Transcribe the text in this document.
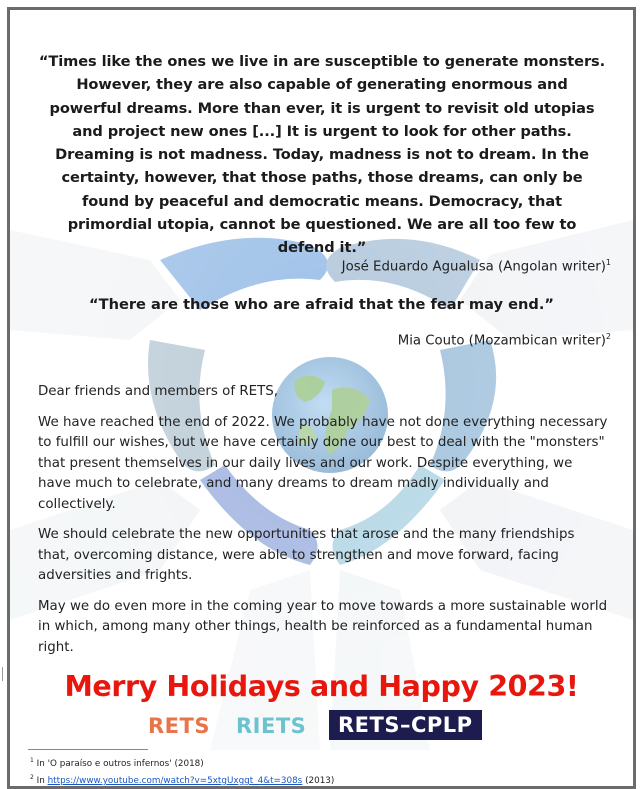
“Times like the ones we live in are susceptible to generate monsters. However, they are also capable of generating enormous and powerful dreams. More than ever, it is urgent to revisit old utopias and project new ones [...] It is urgent to look for other paths. Dreaming is not madness. Today, madness is not to dream. In the certainty, however, that those paths, those dreams, can only be found by peaceful and democratic means. Democracy, that primordial utopia, cannot be questioned. We are all too few to defend it.”
José Eduardo Agualusa (Angolan writer)$^1$
“There are those who are afraid that the fear may end.”
Mia Couto (Mozambican writer)$^2$

Dear friends and members of RETS,

We have reached the end of 2022. We probably have not done everything necessary to fulfill our wishes, but we have certainly done our best to deal with the "monsters" that present themselves in our daily lives and our work. Despite everything, we have much to celebrate, and many dreams to dream madly individually and collectively.

We should celebrate the new opportunities that arose and the many friendships that, overcoming distance, were able to strengthen and move forward, facing adversities and frights.

May we do even more in the coming year to move towards a more sustainable world in which, among many other things, health be reinforced as a fundamental human right.

Merry Holidays and Happy 2023!
RETS RIETS	RETS–CPLP
$^1$ In 'O paraíso e outros infernos' (2018)
$^2$ In https://www.youtube.com/watch?v=5xtgUxggt_4&t=308s (2013)
